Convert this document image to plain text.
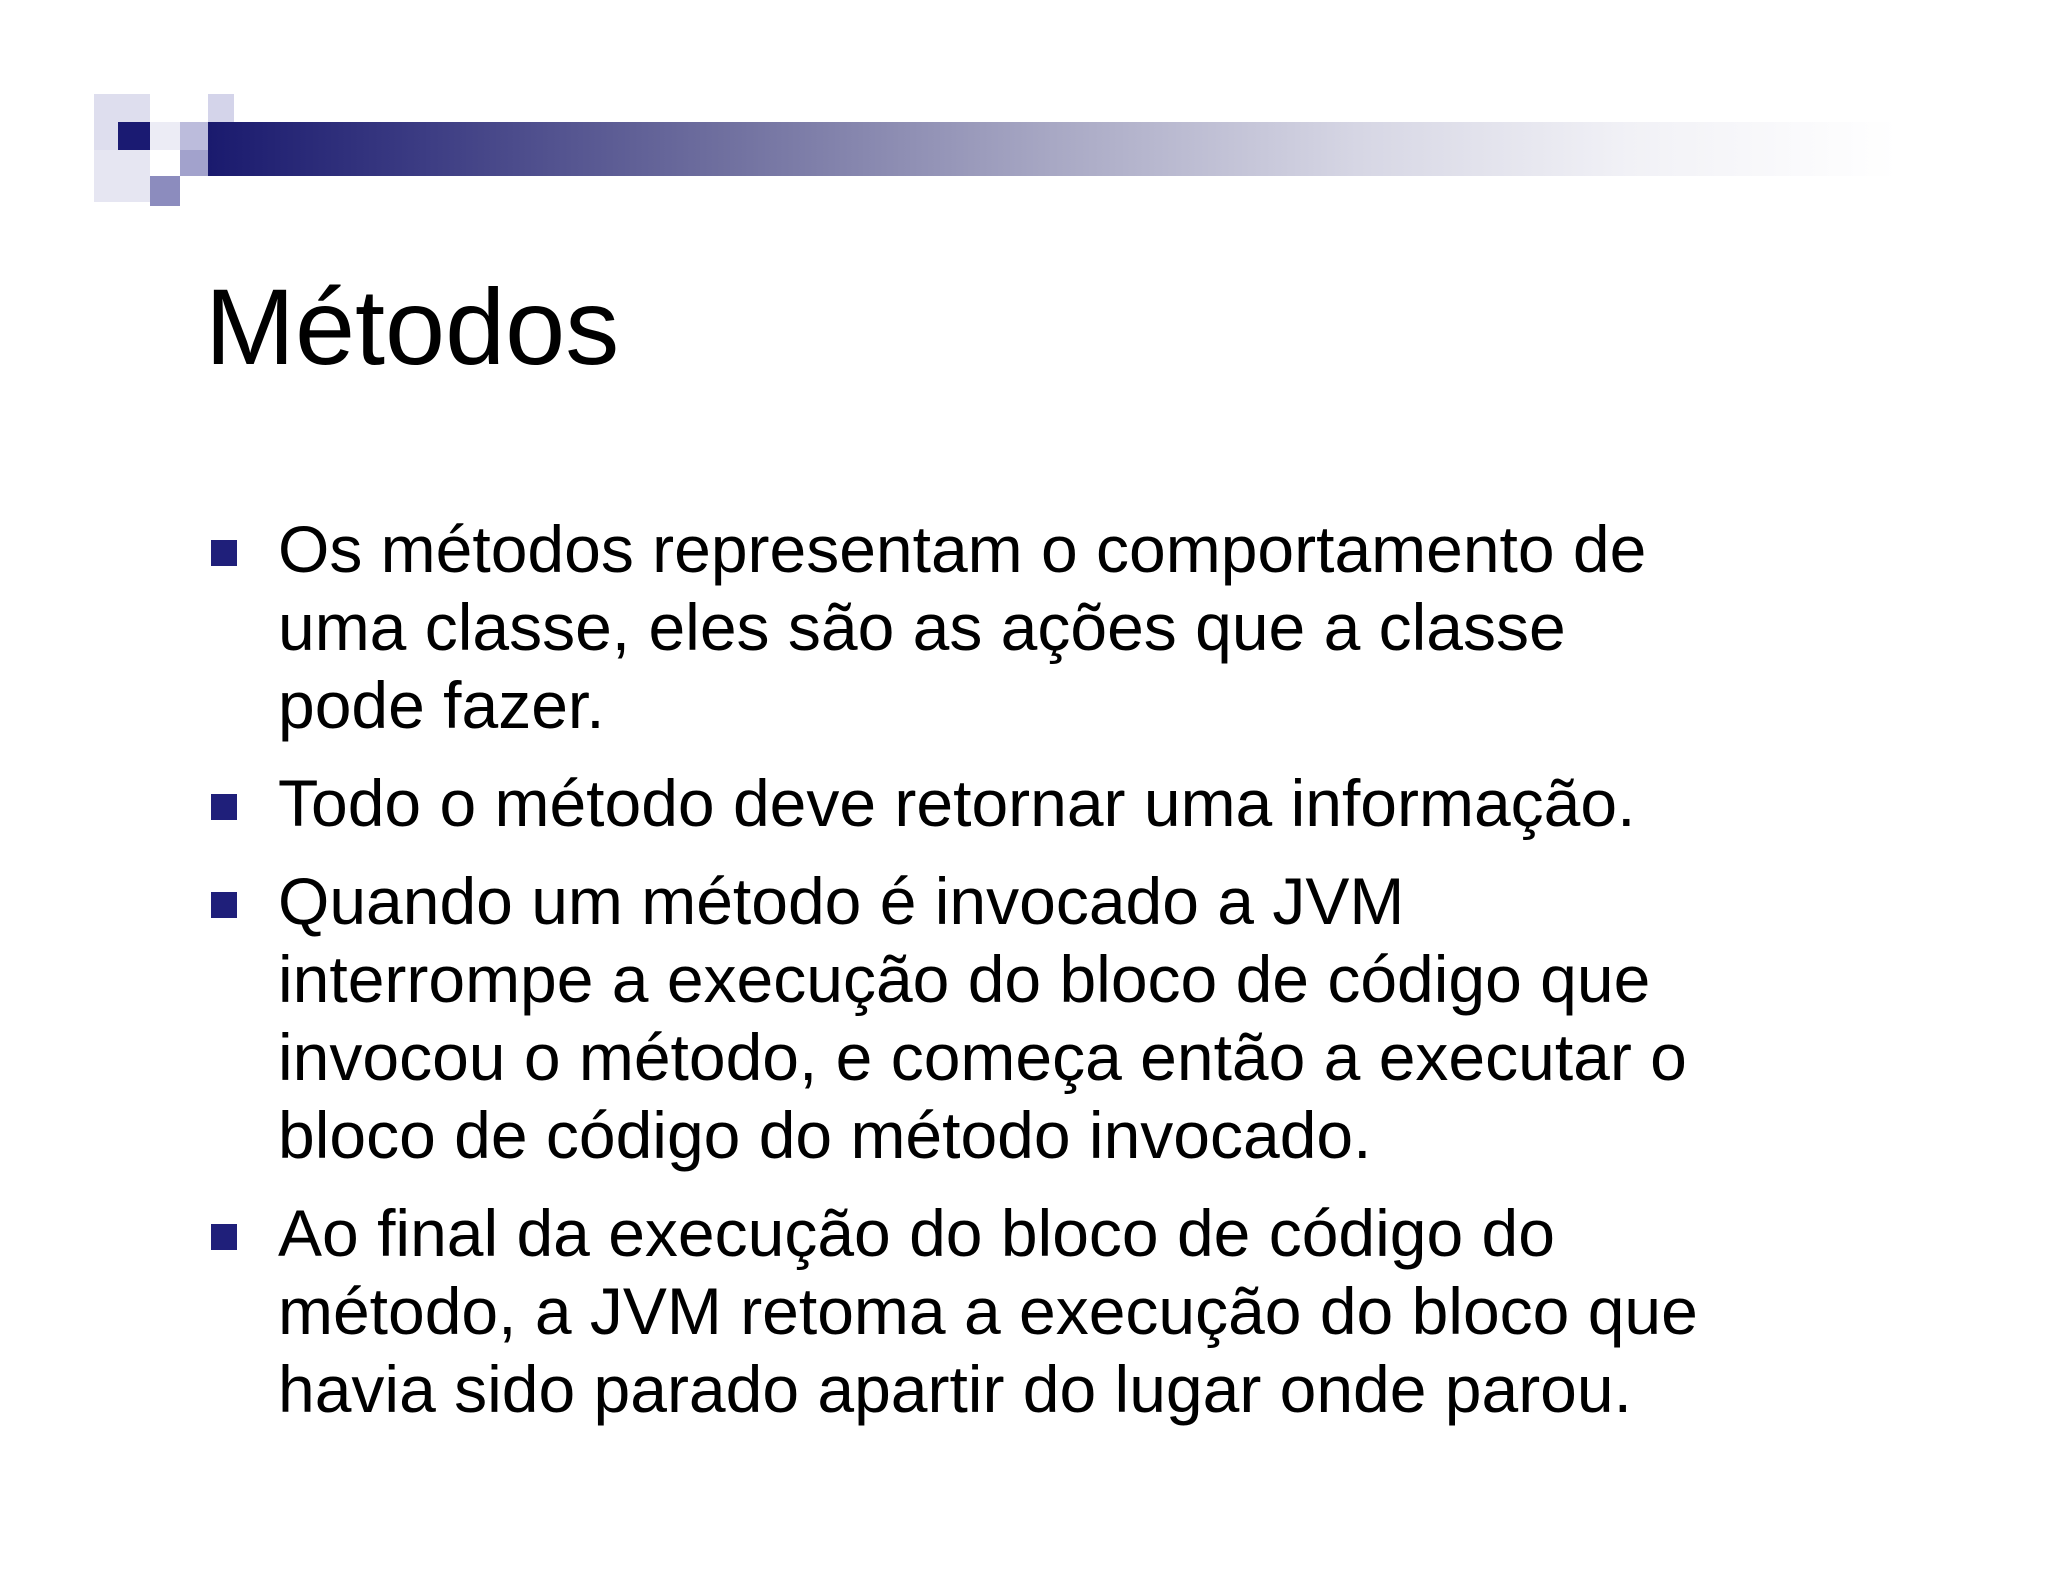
Métodos
Os métodos representam o comportamento de
uma classe, eles são as ações que a classe
pode fazer.
Todo o método deve retornar uma informação.
Quando um método é invocado a JVM
interrompe a execução do bloco de código que
invocou o método, e começa então a executar o
bloco de código do método invocado.
Ao final da execução do bloco de código do
método, a JVM retoma a execução do bloco que
havia sido parado apartir do lugar onde parou.
